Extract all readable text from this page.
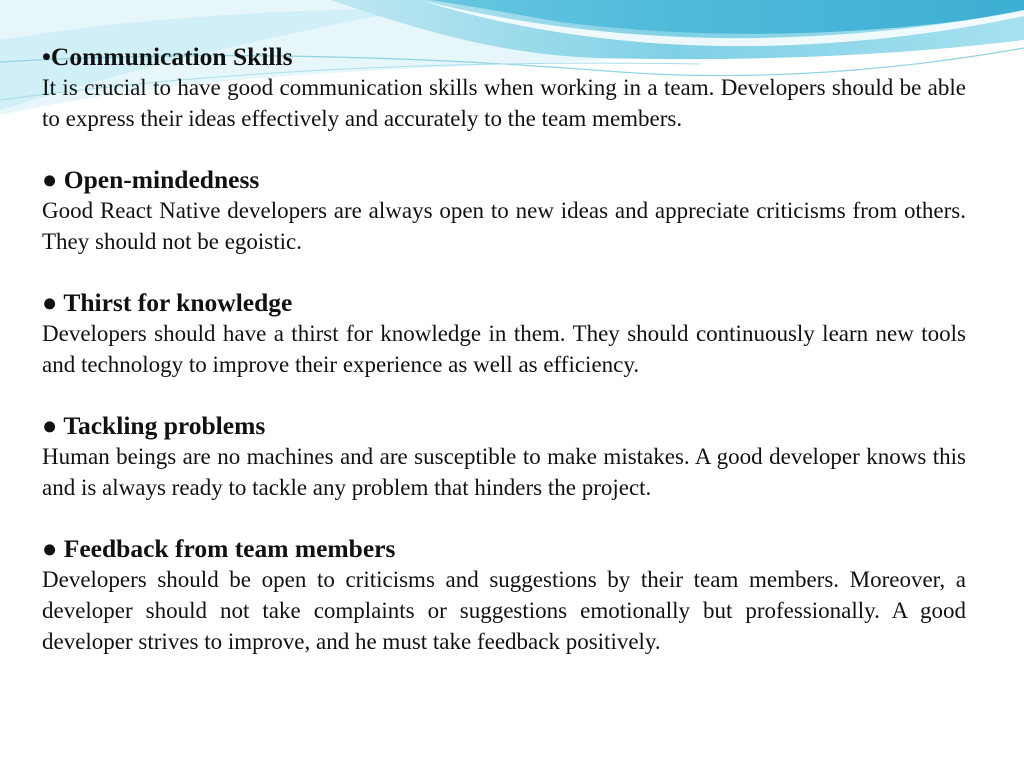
•Communication Skills

It is crucial to have good communication skills when working in a team. Developers should be able to express their ideas effectively and accurately to the team members.

● Open-mindedness

Good React Native developers are always open to new ideas and appreciate criticisms from others. They should not be egoistic.

● Thirst for knowledge

Developers should have a thirst for knowledge in them. They should continuously learn new tools and technology to improve their experience as well as efficiency.

● Tackling problems

Human beings are no machines and are susceptible to make mistakes. A good developer knows this and is always ready to tackle any problem that hinders the project.

● Feedback from team members

Developers should be open to criticisms and suggestions by their team members. Moreover, a developer should not take complaints or suggestions emotionally but professionally. A good developer strives to improve, and he must take feedback positively.
